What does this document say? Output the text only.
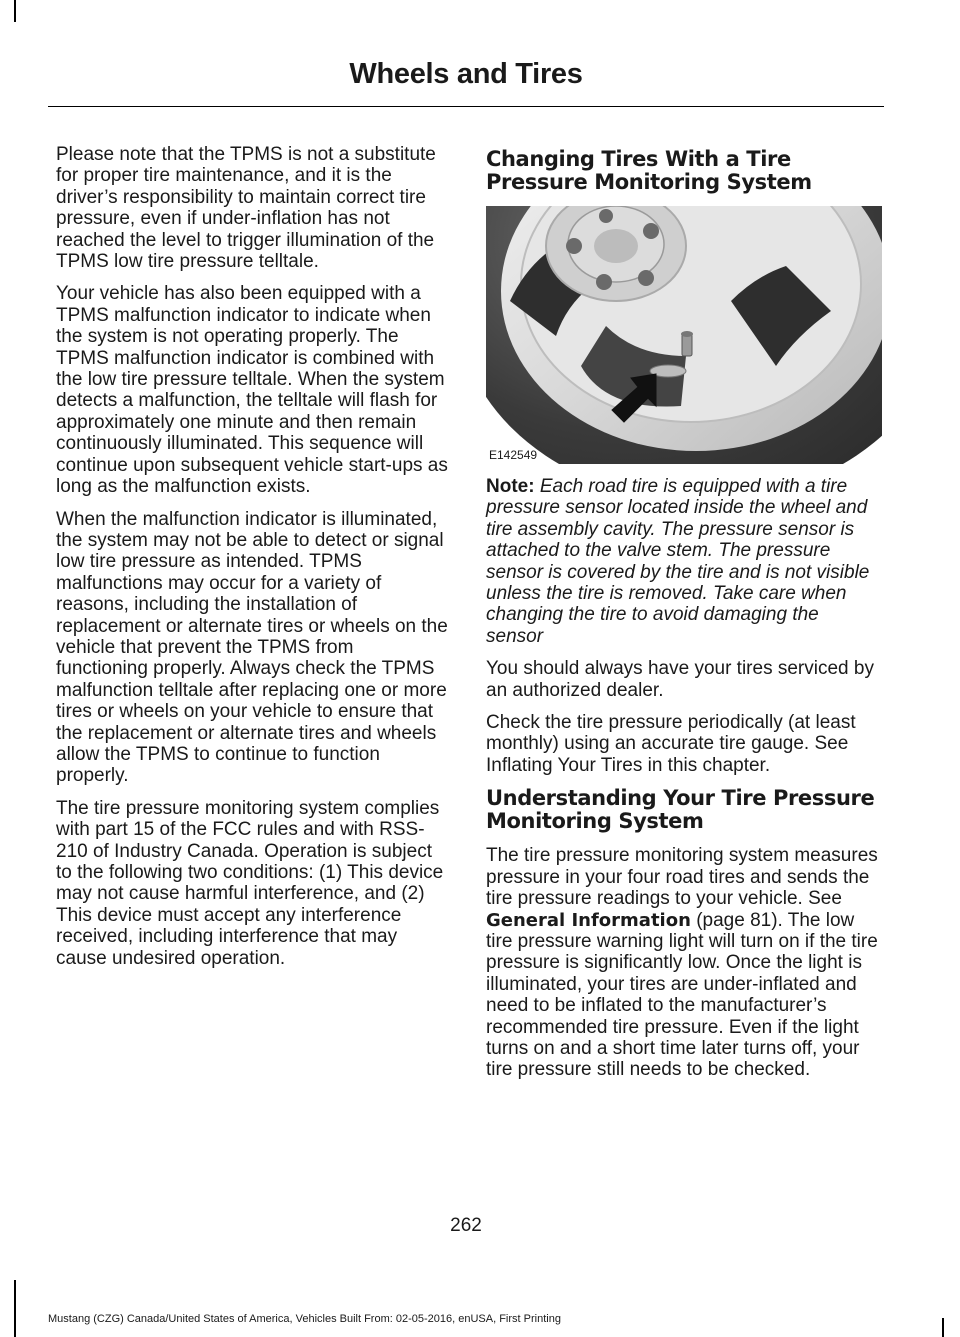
Wheels and Tires

Please note that the TPMS is not a substitute for proper tire maintenance, and it is the driver’s responsibility to maintain correct tire pressure, even if under-inflation has not reached the level to trigger illumination of the TPMS low tire pressure telltale.

Your vehicle has also been equipped with a TPMS malfunction indicator to indicate when the system is not operating properly. The TPMS malfunction indicator is combined with the low tire pressure telltale. When the system detects a malfunction, the telltale will flash for approximately one minute and then remain continuously illuminated. This sequence will continue upon subsequent vehicle start-ups as long as the malfunction exists.

When the malfunction indicator is illuminated, the system may not be able to detect or signal low tire pressure as intended. TPMS malfunctions may occur for a variety of reasons, including the installation of replacement or alternate tires or wheels on the vehicle that prevent the TPMS from functioning properly. Always check the TPMS malfunction telltale after replacing one or more tires or wheels on your vehicle to ensure that the replacement or alternate tires and wheels allow the TPMS to continue to function properly.

The tire pressure monitoring system complies with part 15 of the FCC rules and with RSS-210 of Industry Canada. Operation is subject to the following two conditions: (1) This device may not cause harmful interference, and (2) This device must accept any interference received, including interference that may cause undesired operation.

Changing Tires With a Tire Pressure Monitoring System
E142549

Note: Each road tire is equipped with a tire pressure sensor located inside the wheel and tire assembly cavity. The pressure sensor is attached to the valve stem. The pressure sensor is covered by the tire and is not visible unless the tire is removed. Take care when changing the tire to avoid damaging the sensor

You should always have your tires serviced by an authorized dealer.

Check the tire pressure periodically (at least monthly) using an accurate tire gauge. See Inflating Your Tires in this chapter.

Understanding Your Tire Pressure Monitoring System

The tire pressure monitoring system measures pressure in your four road tires and sends the tire pressure readings to your vehicle. See General Information (page 81). The low tire pressure warning light will turn on if the tire pressure is significantly low. Once the light is illuminated, your tires are under-inflated and need to be inflated to the manufacturer’s recommended tire pressure. Even if the light turns on and a short time later turns off, your tire pressure still needs to be checked.

262
Mustang (CZG) Canada/United States of America, Vehicles Built From: 02-05-2016, enUSA, First Printing
